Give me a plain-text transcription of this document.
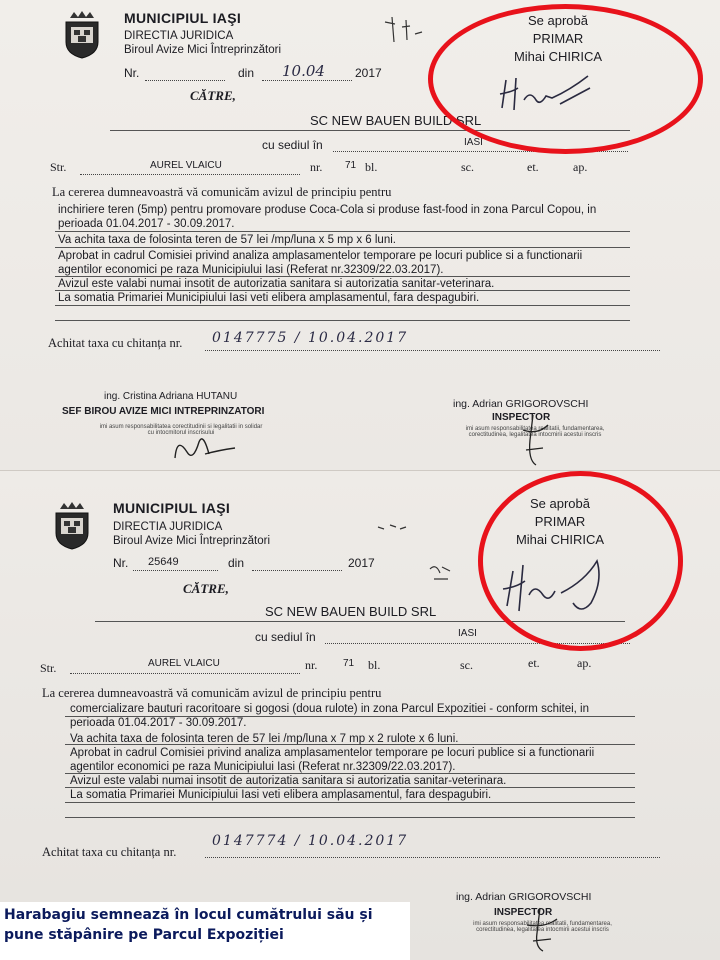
MUNICIPIUL IAŞI
DIRECTIA JURIDICA
Biroul Avize Mici Întreprinzători
Nr.	din 10.04	2017
CĂTRE,
SC NEW BAUEN BUILD SRL
cu sediul în	IASI
Str.	AUREL VLAICU	nr. 71 bl.	sc.	et.	ap.
La cererea dumneavoastră vă comunicăm avizul de principiu pentru
inchiriere teren (5mp) pentru promovare produse Coca-Cola si produse fast-food in zona Parcul Copou, in
perioada 01.04.2017 - 30.09.2017.
Va achita taxa de folosinta teren de 57 lei /mp/luna x 5 mp x 6 luni.
Aprobat in cadrul Comisiei privind analiza amplasamentelor temporare pe locuri publice si a functionarii
agentilor economici pe raza Municipiului Iasi (Referat nr.32309/22.03.2017).
Avizul este valabi numai insotit de autorizatia sanitara si autorizatia sanitar-veterinara.
La somatia Primariei Municipiului Iasi veti elibera amplasamentul, fara despagubiri.
Achitat taxa cu chitanța nr. 0147775 / 10.04.2017
ing. Cristina Adriana HUTANU
SEF BIROU AVIZE MICI INTREPRINZATORI
imi asum responsabilitatea corectitudinii si legalitatii in solidar cu intocmitorul inscrisului
ing. Adrian GRIGOROVSCHI
INSPECTOR
imi asum responsabilitatea realitatii, fundamentarea, corectitudinea, legalitatea intocmirii acestui inscris
Se aprobă
PRIMAR
Mihai CHIRICA
MUNICIPIUL IAŞI
DIRECTIA JURIDICA
Biroul Avize Mici Întreprinzători
Nr. 25649	din	2017
CĂTRE,
SC NEW BAUEN BUILD SRL
cu sediul în	IASI
Str.	AUREL VLAICU	nr.	71 bl.	sc.	et.	ap.
La cererea dumneavoastră vă comunicăm avizul de principiu pentru
comercializare bauturi racoritoare si gogosi (doua rulote) in zona Parcul Expozitiei - conform schitei, in
perioada 01.04.2017 - 30.09.2017.
Va achita taxa de folosinta teren de 57 lei /mp/luna x 7 mp x 2 rulote x 6 luni.
Aprobat in cadrul Comisiei privind analiza amplasamentelor temporare pe locuri publice si a functionarii
agentilor economici pe raza Municipiului Iasi (Referat nr.32309/22.03.2017).
Avizul este valabi numai insotit de autorizatia sanitara si autorizatia sanitar-veterinara.
La somatia Primariei Municipiului Iasi veti elibera amplasamentul, fara despagubiri.
Achitat taxa cu chitanța nr.
0147774 / 10.04.2017
ing. Adrian GRIGOROVSCHI
INSPECTOR
imi asum responsabilitatea realitatii, fundamentarea, corectitudinea, legalitatea intocmirii acestui inscris
Se aprobă
PRIMAR
Mihai CHIRICA
Harabagiu semnează în locul cumătrului său și pune stăpânire pe Parcul Expoziției
